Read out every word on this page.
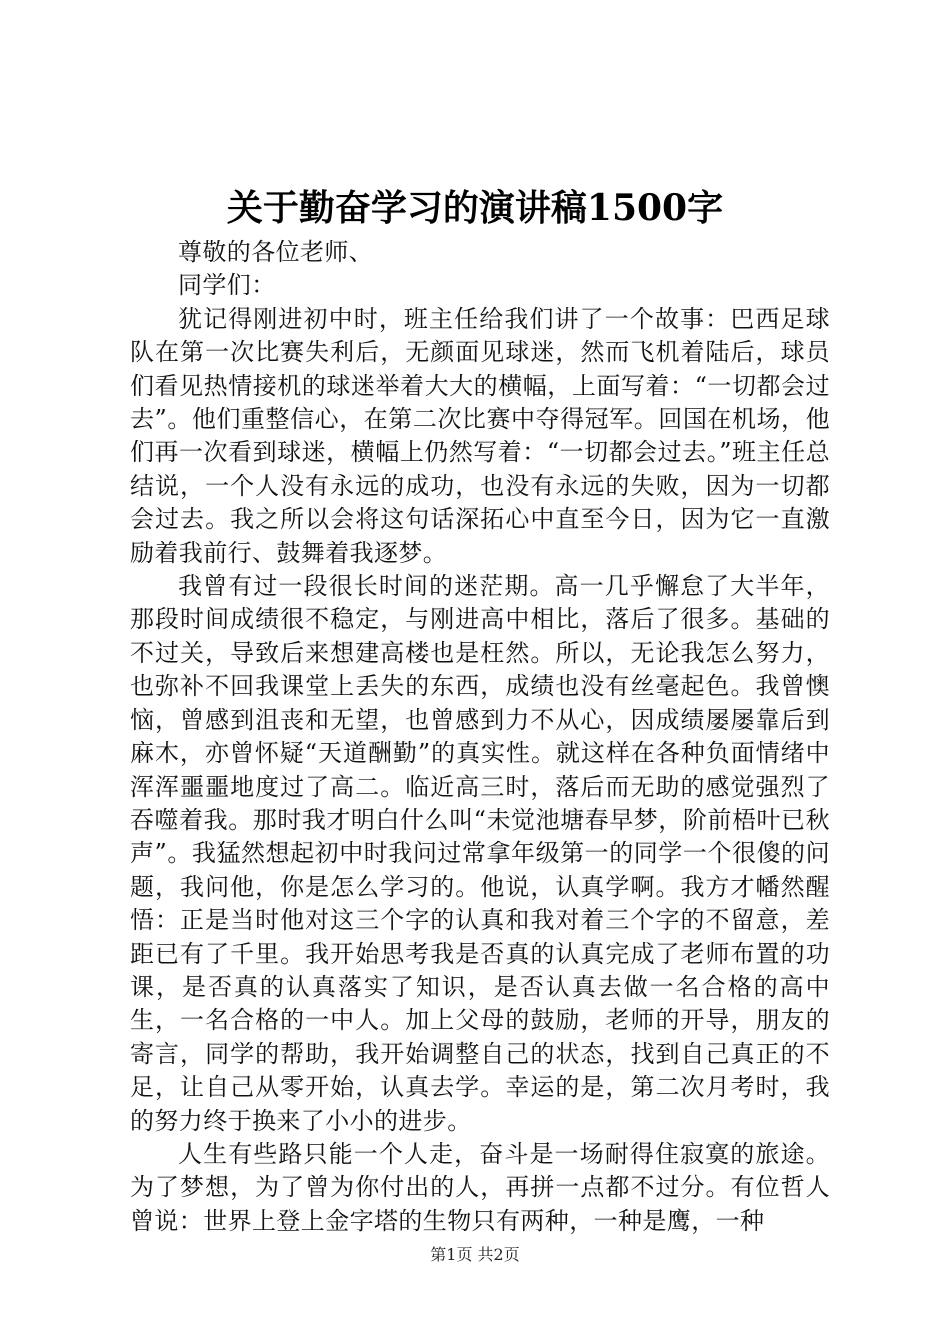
关于勤奋学习的演讲稿1500字

尊敬的各位老师、

同学们：

犹记得刚进初中时，班主任给我们讲了一个故事：巴西足球队在第一次比赛失利后，无颜面见球迷，然而飞机着陆后，球员们看见热情接机的球迷举着大大的横幅，上面写着：“一切都会过去”。他们重整信心，在第二次比赛中夺得冠军。回国在机场，他们再一次看到球迷，横幅上仍然写着：“一切都会过去。”班主任总结说，一个人没有永远的成功，也没有永远的失败，因为一切都会过去。我之所以会将这句话深拓心中直至今日，因为它一直激励着我前行、鼓舞着我逐梦。

我曾有过一段很长时间的迷茫期。高一几乎懈怠了大半年，那段时间成绩很不稳定，与刚进高中相比，落后了很多。基础的不过关，导致后来想建高楼也是枉然。所以，无论我怎么努力，也弥补不回我课堂上丢失的东西，成绩也没有丝毫起色。我曾懊恼，曾感到沮丧和无望，也曾感到力不从心，因成绩屡屡靠后到麻木，亦曾怀疑“天道酬勤”的真实性。就这样在各种负面情绪中浑浑噩噩地度过了高二。临近高三时，落后而无助的感觉强烈了吞噬着我。那时我才明白什么叫“未觉池塘春早梦，阶前梧叶已秋声”。我猛然想起初中时我问过常拿年级第一的同学一个很傻的问题，我问他，你是怎么学习的。他说，认真学啊。我方才幡然醒悟：正是当时他对这三个字的认真和我对着三个字的不留意，差距已有了千里。我开始思考我是否真的认真完成了老师布置的功课，是否真的认真落实了知识，是否认真去做一名合格的高中生，一名合格的一中人。加上父母的鼓励，老师的开导，朋友的寄言，同学的帮助，我开始调整自己的状态，找到自己真正的不足，让自己从零开始，认真去学。幸运的是，第二次月考时，我的努力终于换来了小小的进步。

人生有些路只能一个人走，奋斗是一场耐得住寂寞的旅途。为了梦想，为了曾为你付出的人，再拼一点都不过分。有位哲人曾说：世界上登上金字塔的生物只有两种，一种是鹰，一种

第1页 共2页
